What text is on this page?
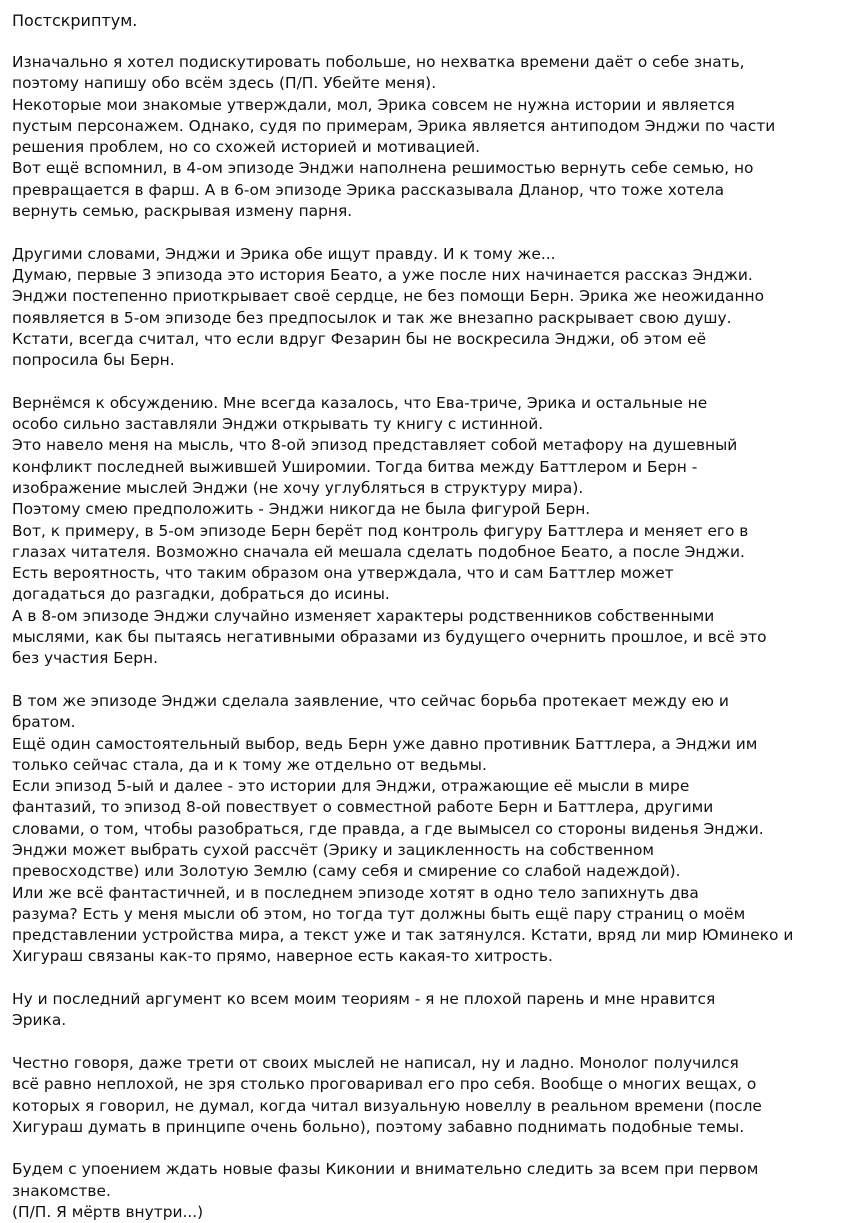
Постскриптум.
Изначально я хотел подискутировать побольше, но нехватка времени даёт о себе знать,
поэтому напишу обо всём здесь (П/П. Убейте меня).
Некоторые мои знакомые утверждали, мол, Эрика совсем не нужна истории и является
пустым персонажем. Однако, судя по примерам, Эрика является антиподом Энджи по части
решения проблем, но со схожей историей и мотивацией.
Вот ещё вспомнил, в 4-ом эпизоде Энджи наполнена решимостью вернуть себе семью, но
превращается в фарш. А в 6-ом эпизоде Эрика рассказывала Дланор, что тоже хотела
вернуть семью, раскрывая измену парня.
Другими словами, Энджи и Эрика обе ищут правду. И к тому же...
Думаю, первые 3 эпизода это история Беато, а уже после них начинается рассказ Энджи.
Энджи постепенно приоткрывает своё сердце, не без помощи Берн. Эрика же неожиданно
появляется в 5-ом эпизоде без предпосылок и так же внезапно раскрывает свою душу.
Кстати, всегда считал, что если вдруг Фезарин бы не воскресила Энджи, об этом её
попросила бы Берн.
Вернёмся к обсуждению. Мне всегда казалось, что Ева-триче, Эрика и остальные не
особо сильно заставляли Энджи открывать ту книгу с истинной.
Это навело меня на мысль, что 8-ой эпизод представляет собой метафору на душевный
конфликт последней выжившей Уширомии. Тогда битва между Баттлером и Берн -
изображение мыслей Энджи (не хочу углубляться в структуру мира).
Поэтому смею предположить - Энджи никогда не была фигурой Берн.
Вот, к примеру, в 5-ом эпизоде Берн берёт под контроль фигуру Баттлера и меняет его в
глазах читателя. Возможно сначала ей мешала сделать подобное Беато, а после Энджи.
Есть вероятность, что таким образом она утверждала, что и сам Баттлер может
догадаться до разгадки, добраться до исины.
А в 8-ом эпизоде Энджи случайно изменяет характеры родственников собственными
мыслями, как бы пытаясь негативными образами из будущего очернить прошлое, и всё это
без участия Берн.
В том же эпизоде Энджи сделала заявление, что сейчас борьба протекает между ею и
братом.
Ещё один самостоятельный выбор, ведь Берн уже давно противник Баттлера, а Энджи им
только сейчас стала, да и к тому же отдельно от ведьмы.
Если эпизод 5-ый и далее - это истории для Энджи, отражающие её мысли в мире
фантазий, то эпизод 8-ой повествует о совместной работе Берн и Баттлера, другими
словами, о том, чтобы разобраться, где правда, а где вымысел со стороны виденья Энджи.
Энджи может выбрать сухой рассчёт (Эрику и зацикленность на собственном
превосходстве) или Золотую Землю (саму себя и смирение со слабой надеждой).
Или же всё фантастичней, и в последнем эпизоде хотят в одно тело запихнуть два
разума? Есть у меня мысли об этом, но тогда тут должны быть ещё пару страниц о моём
представлении устройства мира, а текст уже и так затянулся. Кстати, вряд ли мир Юминеко и
Хигураш связаны как-то прямо, наверное есть какая-то хитрость.
Ну и последний аргумент ко всем моим теориям - я не плохой парень и мне нравится
Эрика.
Честно говоря, даже трети от своих мыслей не написал, ну и ладно. Монолог получился
всё равно неплохой, не зря столько проговаривал его про себя. Вообще о многих вещах, о
которых я говорил, не думал, когда читал визуальную новеллу в реальном времени (после
Хигураш думать в принципе очень больно), поэтому забавно поднимать подобные темы.
Будем с упоением ждать новые фазы Киконии и внимательно следить за всем при первом
знакомстве.
(П/П. Я мёртв внутри...)
